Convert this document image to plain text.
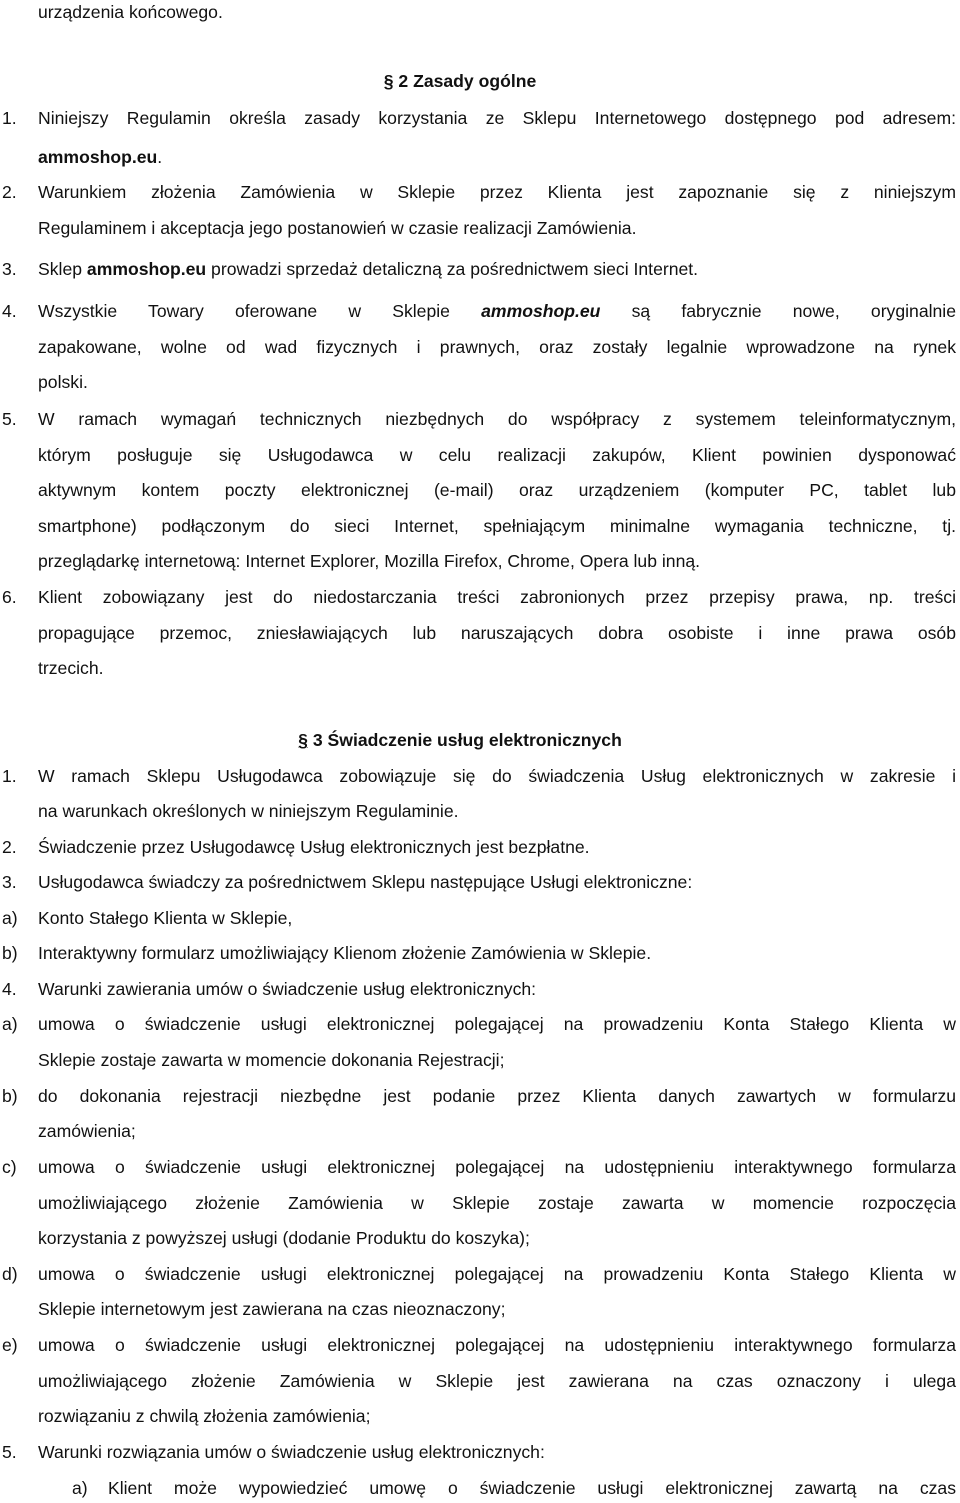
urządzenia końcowego.
§ 2 Zasady ogólne
1. Niniejszy Regulamin określa zasady korzystania ze Sklepu Internetowego dostępnego pod adresem:
ammoshop.eu.
2. Warunkiem złożenia Zamówienia w Sklepie przez Klienta jest zapoznanie się z niniejszym
Regulaminem i akceptacja jego postanowień w czasie realizacji Zamówienia.
3. Sklep ammoshop.eu prowadzi sprzedaż detaliczną za pośrednictwem sieci Internet.
4. Wszystkie Towary oferowane w Sklepie ammoshop.eu są fabrycznie nowe, oryginalnie
zapakowane, wolne od wad fizycznych i prawnych, oraz zostały legalnie wprowadzone na rynek
polski.
5. W ramach wymagań technicznych niezbędnych do współpracy z systemem teleinformatycznym,
którym posługuje się Usługodawca w celu realizacji zakupów, Klient powinien dysponować
aktywnym kontem poczty elektronicznej (e-mail) oraz urządzeniem (komputer PC, tablet lub
smartphone) podłączonym do sieci Internet, spełniającym minimalne wymagania techniczne, tj.
przeglądarkę internetową: Internet Explorer, Mozilla Firefox, Chrome, Opera lub inną.
6. Klient zobowiązany jest do niedostarczania treści zabronionych przez przepisy prawa, np. treści
propagujące przemoc, zniesławiających lub naruszających dobra osobiste i inne prawa osób
trzecich.
§ 3 Świadczenie usług elektronicznych
1. W ramach Sklepu Usługodawca zobowiązuje się do świadczenia Usług elektronicznych w zakresie i
na warunkach określonych w niniejszym Regulaminie.
2. Świadczenie przez Usługodawcę Usług elektronicznych jest bezpłatne.
3. Usługodawca świadczy za pośrednictwem Sklepu następujące Usługi elektroniczne:
a) Konto Stałego Klienta w Sklepie,
b) Interaktywny formularz umożliwiający Klienom złożenie Zamówienia w Sklepie.
4. Warunki zawierania umów o świadczenie usług elektronicznych:
a) umowa o świadczenie usługi elektronicznej polegającej na prowadzeniu Konta Stałego Klienta w
Sklepie zostaje zawarta w momencie dokonania Rejestracji;
b) do dokonania rejestracji niezbędne jest podanie przez Klienta danych zawartych w formularzu
zamówienia;
c) umowa o świadczenie usługi elektronicznej polegającej na udostępnieniu interaktywnego formularza
umożliwiającego złożenie Zamówienia w Sklepie zostaje zawarta w momencie rozpoczęcia
korzystania z powyższej usługi (dodanie Produktu do koszyka);
d) umowa o świadczenie usługi elektronicznej polegającej na prowadzeniu Konta Stałego Klienta w
Sklepie internetowym jest zawierana na czas nieoznaczony;
e) umowa o świadczenie usługi elektronicznej polegającej na udostępnieniu interaktywnego formularza
umożliwiającego złożenie Zamówienia w Sklepie jest zawierana na czas oznaczony i ulega
rozwiązaniu z chwilą złożenia zamówienia;
5. Warunki rozwiązania umów o świadczenie usług elektronicznych:
a) Klient może wypowiedzieć umowę o świadczenie usługi elektronicznej zawartą na czas
